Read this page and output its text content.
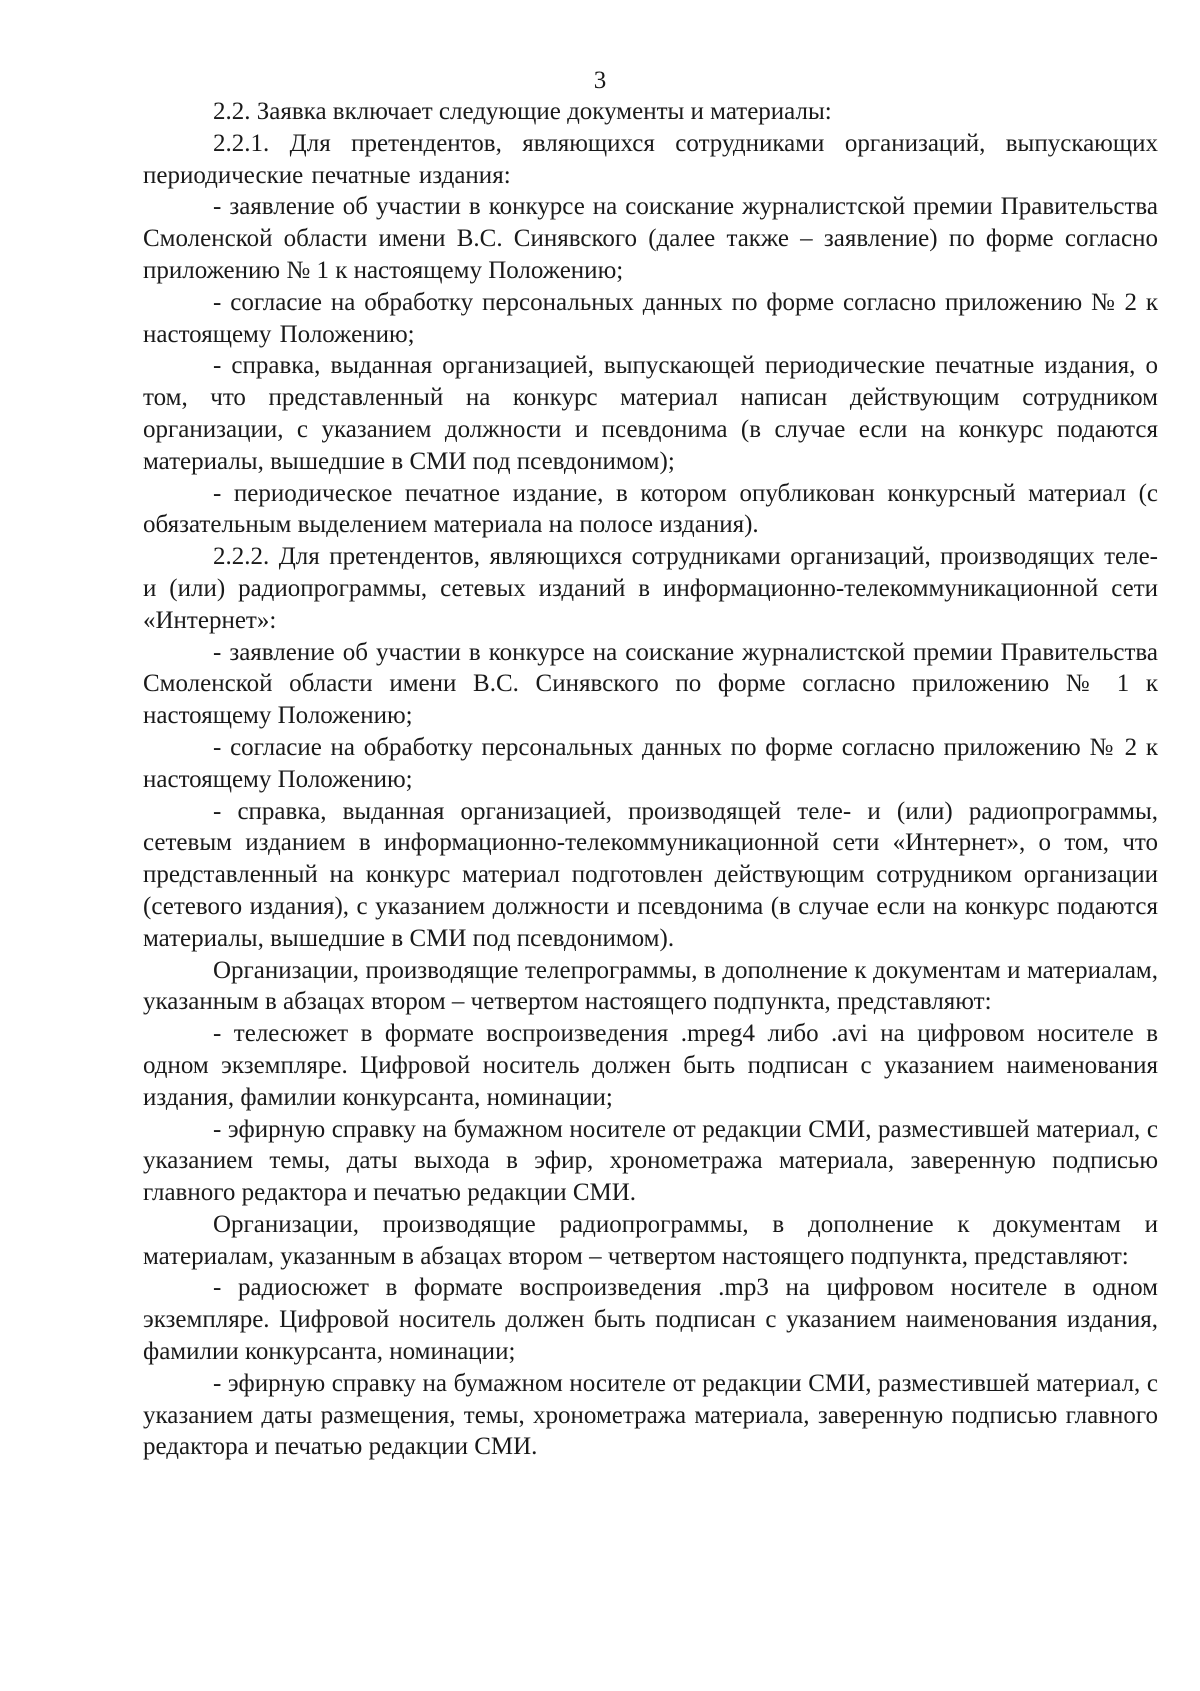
3

2.2. Заявка включает следующие документы и материалы:

2.2.1. Для претендентов, являющихся сотрудниками организаций, выпускающих периодические печатные издания:

- заявление об участии в конкурсе на соискание журналистской премии Правительства Смоленской области имени В.С. Синявского (далее также – заявление) по форме согласно приложению № 1 к настоящему Положению;

- согласие на обработку персональных данных по форме согласно приложению № 2 к настоящему Положению;

- справка, выданная организацией, выпускающей периодические печатные издания, о том, что представленный на конкурс материал написан действующим сотрудником организации, с указанием должности и псевдонима (в случае если на конкурс подаются материалы, вышедшие в СМИ под псевдонимом);

- периодическое печатное издание, в котором опубликован конкурсный материал (с обязательным выделением материала на полосе издания).

2.2.2. Для претендентов, являющихся сотрудниками организаций, производящих теле- и (или) радиопрограммы, сетевых изданий в информационно-телекоммуникационной сети «Интернет»:

- заявление об участии в конкурсе на соискание журналистской премии Правительства Смоленской области имени В.С. Синявского по форме согласно приложению № 1 к настоящему Положению;

- согласие на обработку персональных данных по форме согласно приложению № 2 к настоящему Положению;

- справка, выданная организацией, производящей теле- и (или) радиопрограммы, сетевым изданием в информационно-телекоммуникационной сети «Интернет», о том, что представленный на конкурс материал подготовлен действующим сотрудником организации (сетевого издания), с указанием должности и псевдонима (в случае если на конкурс подаются материалы, вышедшие в СМИ под псевдонимом).

Организации, производящие телепрограммы, в дополнение к документам и материалам, указанным в абзацах втором – четвертом настоящего подпункта, представляют:

- телесюжет в формате воспроизведения .mpeg4 либо .avi на цифровом носителе в одном экземпляре. Цифровой носитель должен быть подписан с указанием наименования издания, фамилии конкурсанта, номинации;

- эфирную справку на бумажном носителе от редакции СМИ, разместившей материал, с указанием темы, даты выхода в эфир, хронометража материала, заверенную подписью главного редактора и печатью редакции СМИ.

Организации, производящие радиопрограммы, в дополнение к документам и материалам, указанным в абзацах втором – четвертом настоящего подпункта, представляют:

- радиосюжет в формате воспроизведения .mp3 на цифровом носителе в одном экземпляре. Цифровой носитель должен быть подписан с указанием наименования издания, фамилии конкурсанта, номинации;

- эфирную справку на бумажном носителе от редакции СМИ, разместившей материал, с указанием даты размещения, темы, хронометража материала, заверенную подписью главного редактора и печатью редакции СМИ.
